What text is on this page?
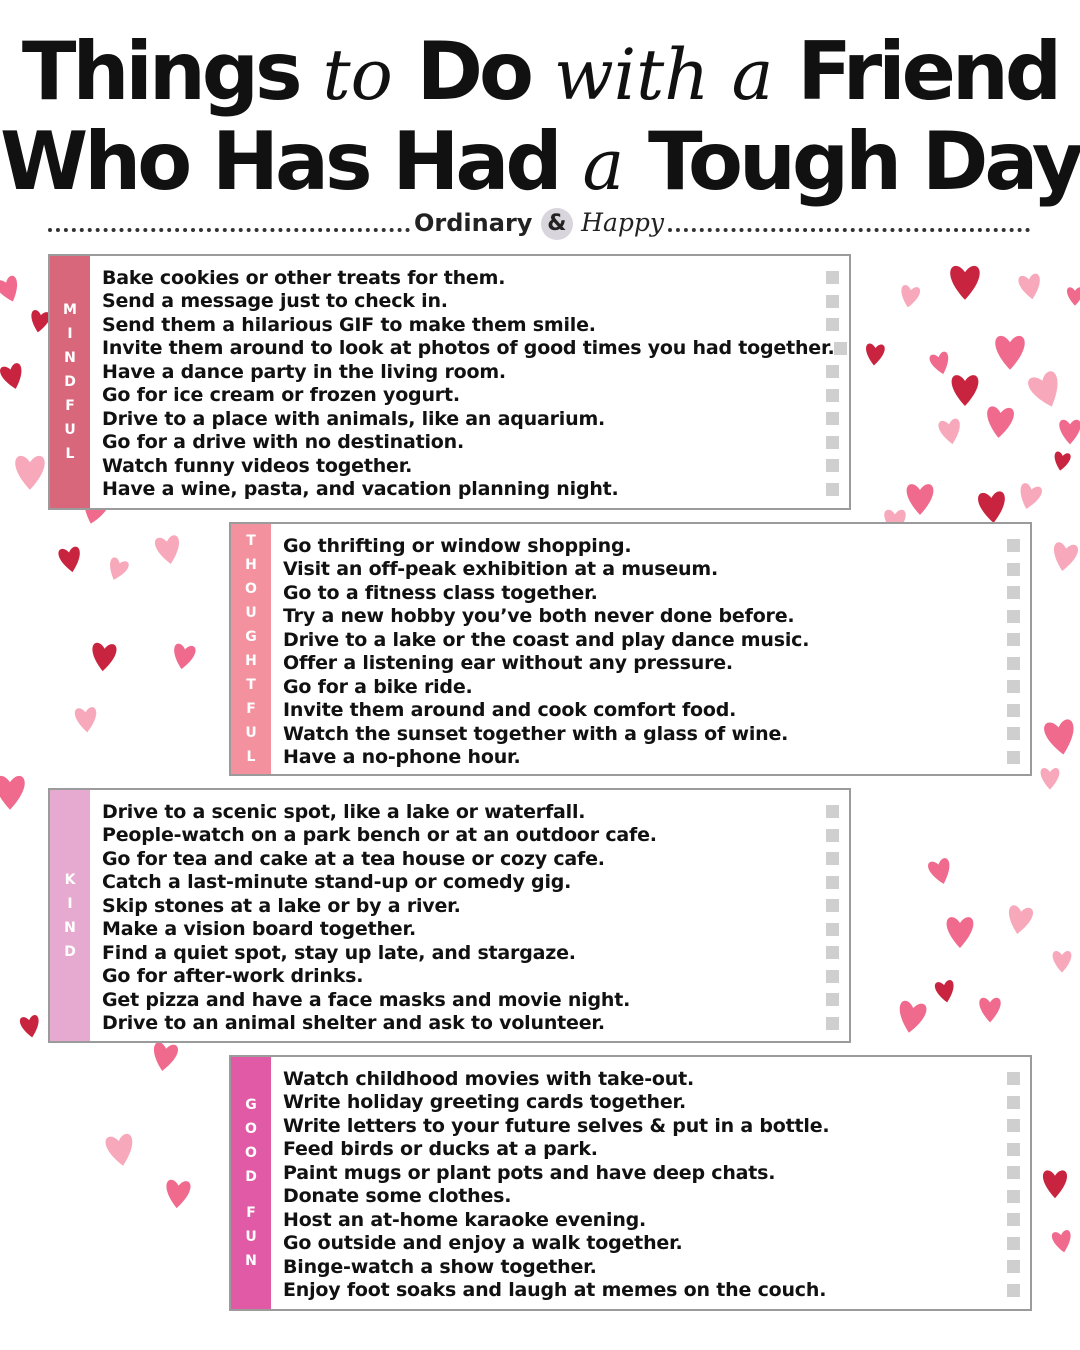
Things to Do with a Friend
Who Has Had a Tough Day
Ordinary & Happy
M
I
N
D
F
U
L
Bake cookies or other treats for them.
Send a message just to check in.
Send them a hilarious GIF to make them smile.
Invite them around to look at photos of good times you had together.
Have a dance party in the living room.
Go for ice cream or frozen yogurt.
Drive to a place with animals, like an aquarium.
Go for a drive with no destination.
Watch funny videos together.
Have a wine, pasta, and vacation planning night.
T
H
O
U
G
H
T
F
U
L
Go thrifting or window shopping.
Visit an off-peak exhibition at a museum.
Go to a fitness class together.
Try a new hobby you’ve both never done before.
Drive to a lake or the coast and play dance music.
Offer a listening ear without any pressure.
Go for a bike ride.
Invite them around and cook comfort food.
Watch the sunset together with a glass of wine.
Have a no-phone hour.
K
I
N
D
Drive to a scenic spot, like a lake or waterfall.
People-watch on a park bench or at an outdoor cafe.
Go for tea and cake at a tea house or cozy cafe.
Catch a last-minute stand-up or comedy gig.
Skip stones at a lake or by a river.
Make a vision board together.
Find a quiet spot, stay up late, and stargaze.
Go for after-work drinks.
Get pizza and have a face masks and movie night.
Drive to an animal shelter and ask to volunteer.
G
O
O
D
F
U
N
Watch childhood movies with take-out.
Write holiday greeting cards together.
Write letters to your future selves & put in a bottle.
Feed birds or ducks at a park.
Paint mugs or plant pots and have deep chats.
Donate some clothes.
Host an at-home karaoke evening.
Go outside and enjoy a walk together.
Binge-watch a show together.
Enjoy foot soaks and laugh at memes on the couch.
